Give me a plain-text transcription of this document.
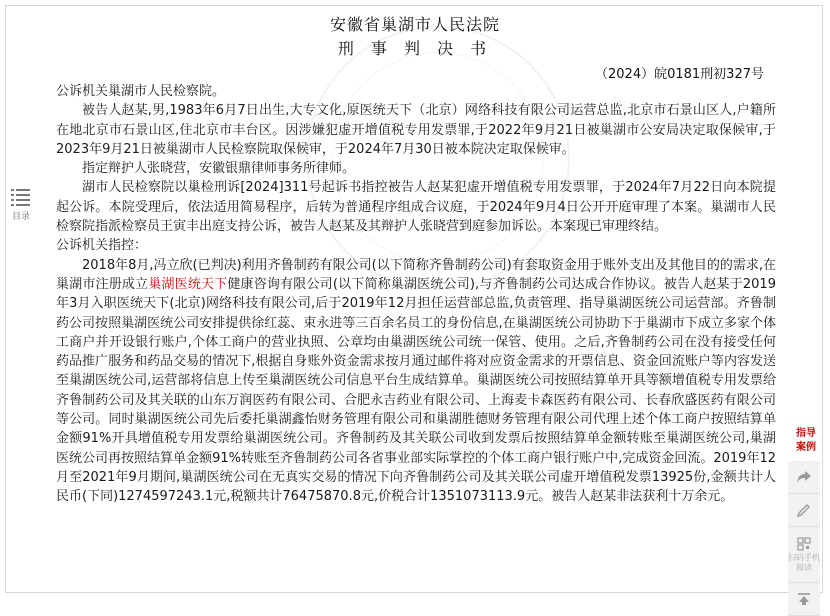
安徽省巢湖市人民法院
刑 事 判 决 书
（2024）皖0181刑初327号

公诉机关巢湖市人民检察院。

被告人赵某,男,1983年6月7日出生,大专文化,原医统天下（北京）网络科技有限公司运营总监,北京市石景山区人,户籍所在地北京市石景山区,住北京市丰台区。因涉嫌犯虚开增值税专用发票罪,于2022年9月21日被巢湖市公安局决定取保候审,于2023年9月21日被巢湖市人民检察院取保候审，于2024年7月30日被本院决定取保候审。

指定辩护人张晓营，安徽银鼎律师事务所律师。

湖市人民检察院以巢检刑诉[2024]311号起诉书指控被告人赵某犯虚开增值税专用发票罪，于2024年7月22日向本院提起公诉。本院受理后，依法适用简易程序，后转为普通程序组成合议庭，于2024年9月4日公开开庭审理了本案。巢湖市人民检察院指派检察员王寅丰出庭支持公诉，被告人赵某及其辩护人张晓营到庭参加诉讼。本案现已审理终结。

公诉机关指控：

2018年8月,冯立欣(已判决)利用齐鲁制药有限公司(以下简称齐鲁制药公司)有套取资金用于账外支出及其他目的的需求,在巢湖市注册成立巢湖医统天下健康咨询有限公司(以下简称巢湖医统公司),与齐鲁制药公司达成合作协议。被告人赵某于2019年3月入职医统天下(北京)网络科技有限公司,后于2019年12月担任运营部总监,负责管理、指导巢湖医统公司运营部。齐鲁制药公司按照巢湖医统公司安排提供徐红蕊、束永进等三百余名员工的身份信息,在巢湖医统公司协助下于巢湖市下成立多家个体工商户并开设银行账户,个体工商户的营业执照、公章均由巢湖医统公司统一保管、使用。之后,齐鲁制药公司在没有接受任何药品推广服务和药品交易的情况下,根据自身账外资金需求按月通过邮件将对应资金需求的开票信息、资金回流账户等内容发送至巢湖医统公司,运营部将信息上传至巢湖医统公司信息平台生成结算单。巢湖医统公司按照结算单开具等额增值税专用发票给齐鲁制药公司及其关联的山东万润医药有限公司、合肥永吉药业有限公司、上海麦卡森医药有限公司、长春欣盛医药有限公司等公司。同时巢湖医统公司先后委托巢湖鑫怡财务管理有限公司和巢湖胜德财务管理有限公司代理上述个体工商户按照结算单金额91%开具增值税专用发票给巢湖医统公司。齐鲁制药及其关联公司收到发票后按照结算单金额转账至巢湖医统公司,巢湖医统公司再按照结算单金额91%转账至齐鲁制药公司各省事业部实际掌控的个体工商户银行账户中,完成资金回流。2019年12月至2021年9月期间,巢湖医统公司在无真实交易的情况下向齐鲁制药公司及其关联公司虚开增值税发票13925份,金额共计人民币(下同)1274597243.1元,税额共计76475870.8元,价税合计1351073113.9元。被告人赵某非法获利十万余元。

目录
指导案例
扫码手机阅读
